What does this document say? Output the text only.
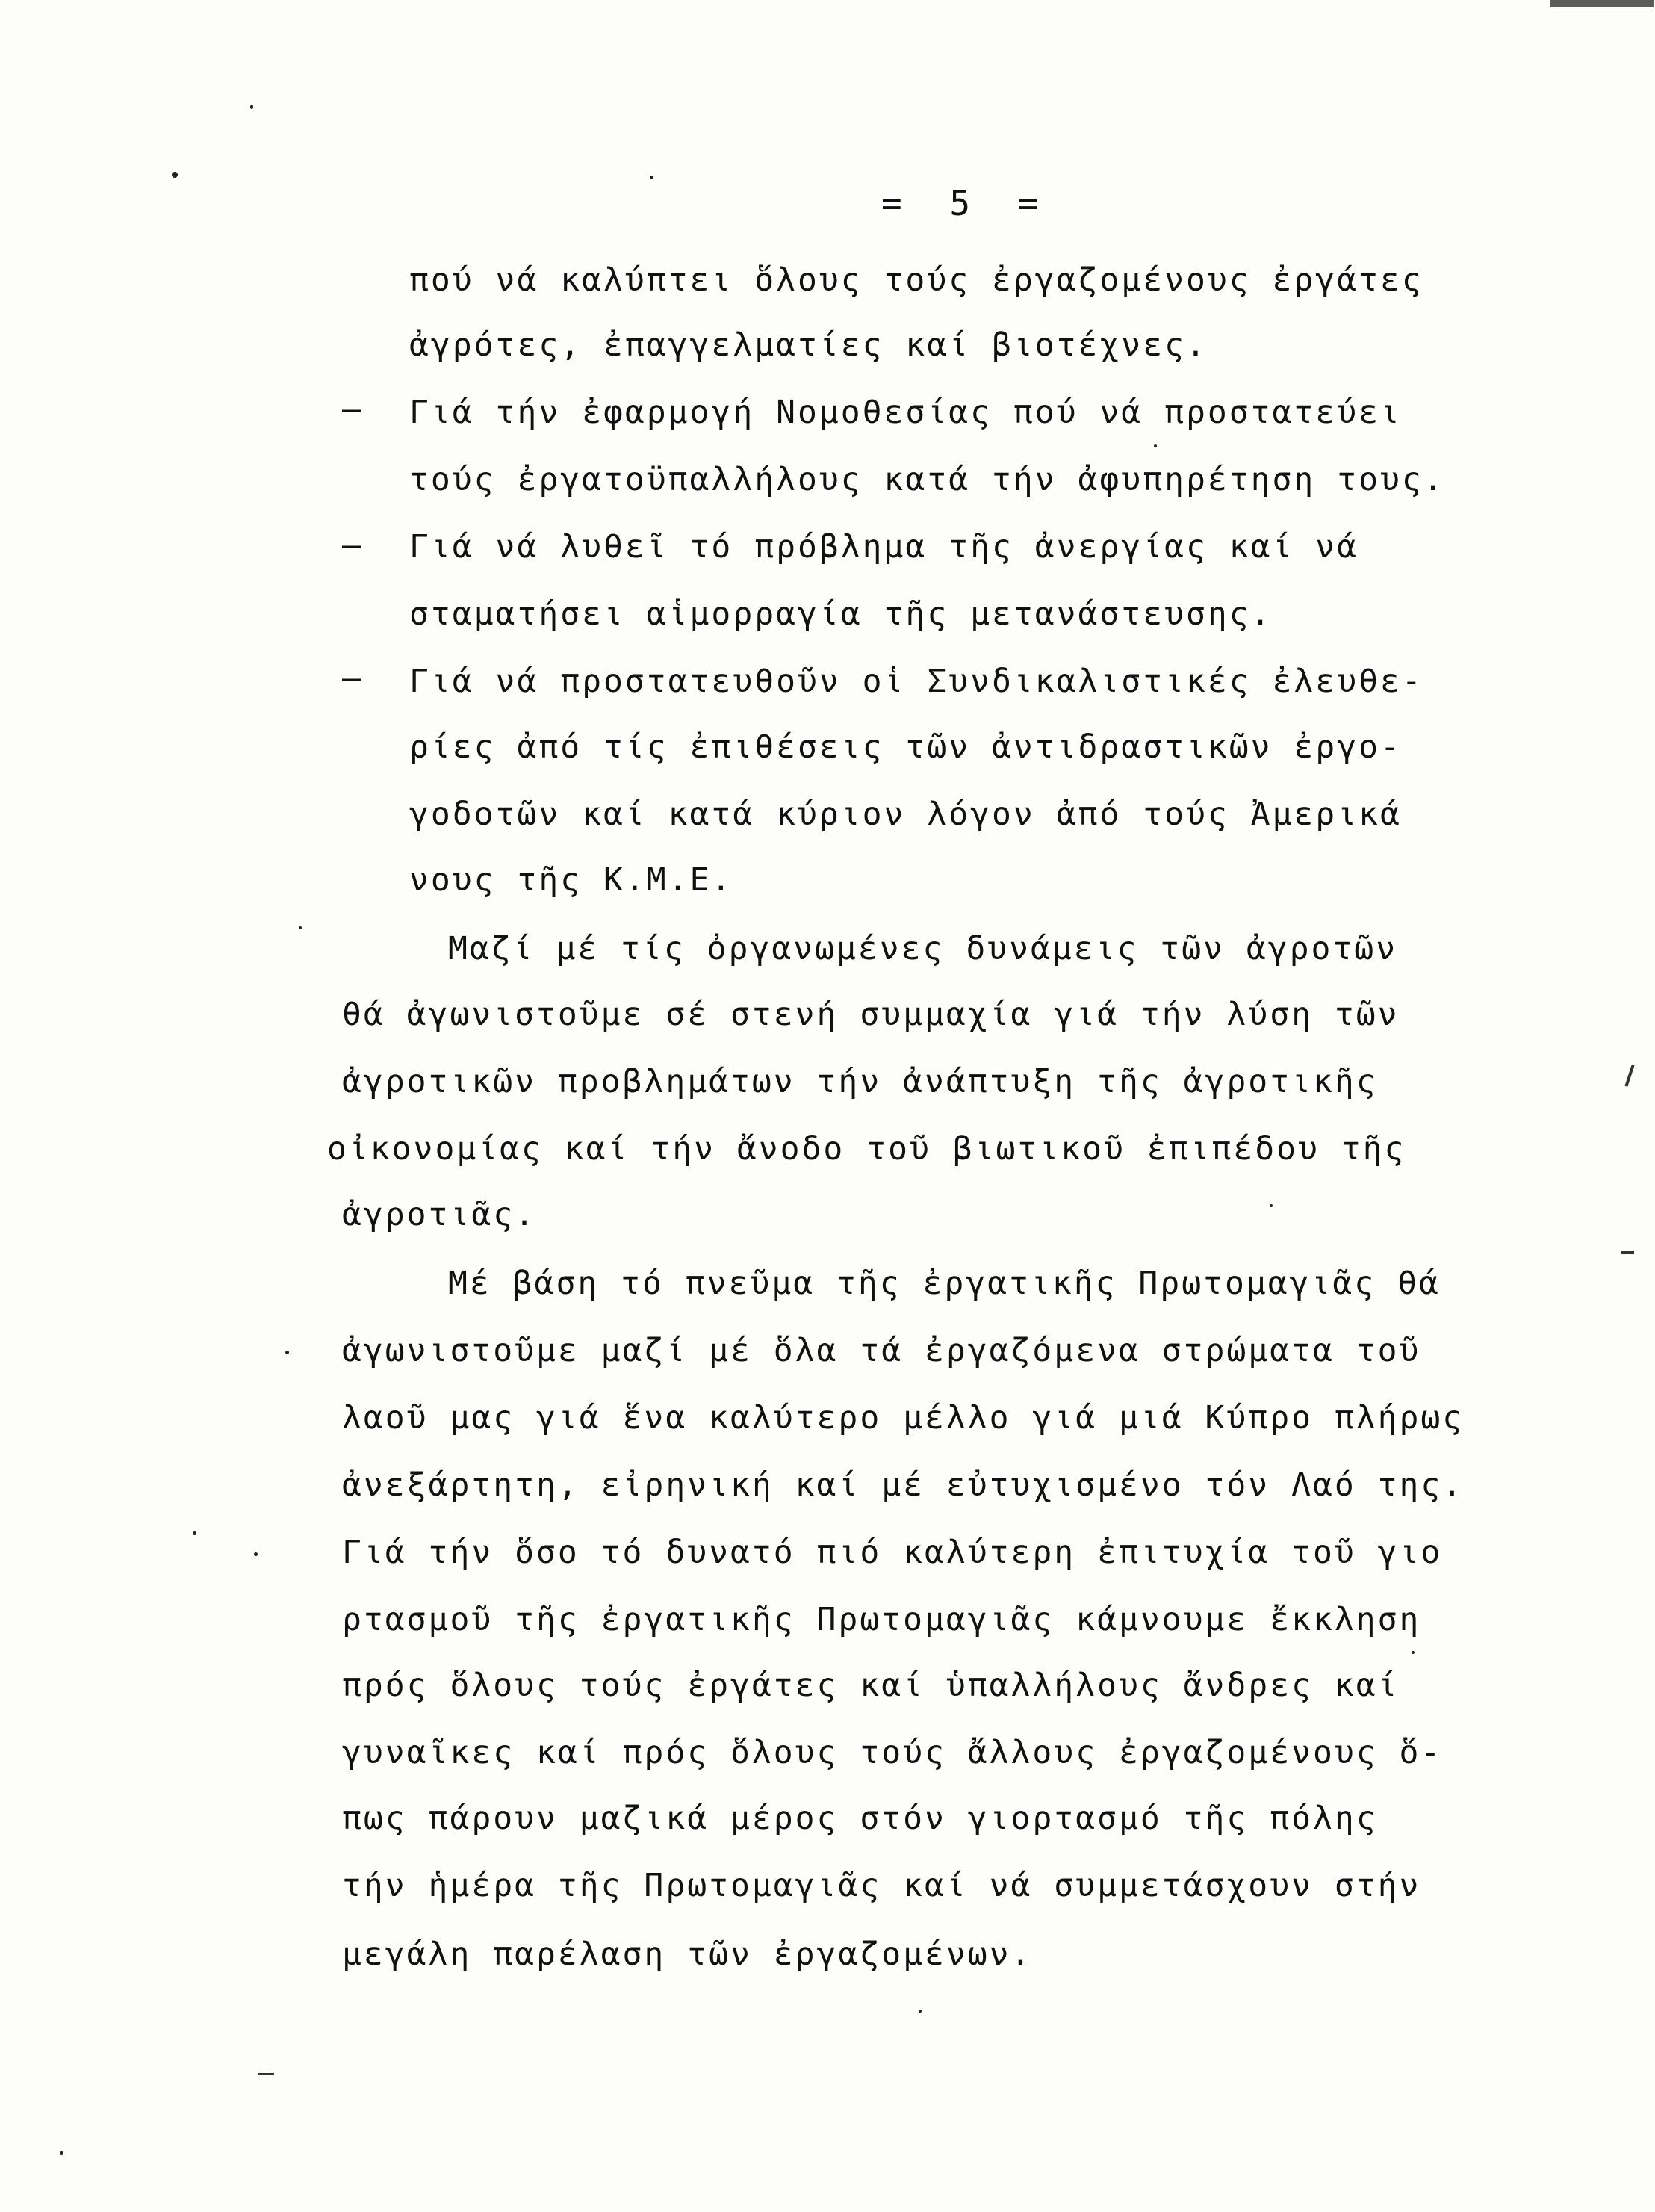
= 5 =
–
–
–
πού νά καλύπτει ὅλους τούς ἐργαζομένους ἐργάτες
ἀγρότες, ἐπαγγελματίες καί βιοτέχνες.
Γιά τήν ἐφαρμογή Νομοθεσίας πού νά προστατεύει
τούς ἐργατοϋπαλλήλους κατά τήν ἀφυπηρέτηση τους.
Γιά νά λυθεῖ τό πρόβλημα τῆς ἀνεργίας καί νά
σταματήσει αἱμορραγία τῆς μετανάστευσης.
Γιά νά προστατευθοῦν οἱ Συνδικαλιστικές ἐλευθε-
ρίες ἀπό τίς ἐπιθέσεις τῶν ἀντιδραστικῶν ἐργο-
γοδοτῶν καί κατά κύριον λόγον ἀπό τούς Ἀμερικά
νους τῆς Κ.Μ.Ε.
Μαζί μέ τίς ὀργανωμένες δυνάμεις τῶν ἀγροτῶν
θά ἀγωνιστοῦμε σέ στενή συμμαχία γιά τήν λύση τῶν
ἀγροτικῶν προβλημάτων τήν ἀνάπτυξη τῆς ἀγροτικῆς
οἰκονομίας καί τήν ἄνοδο τοῦ βιωτικοῦ ἐπιπέδου τῆς
ἀγροτιᾶς.
Μέ βάση τό πνεῦμα τῆς ἐργατικῆς Πρωτομαγιᾶς θά
ἀγωνιστοῦμε μαζί μέ ὅλα τά ἐργαζόμενα στρώματα τοῦ
λαοῦ μας γιά ἕνα καλύτερο μέλλο γιά μιά Κύπρο πλήρως
ἀνεξάρτητη, εἰρηνική καί μέ εὐτυχισμένο τόν Λαό της.
Γιά τήν ὅσο τό δυνατό πιό καλύτερη ἐπιτυχία τοῦ γιο
ρτασμοῦ τῆς ἐργατικῆς Πρωτομαγιᾶς κάμνουμε ἔκκληση
πρός ὅλους τούς ἐργάτες καί ὑπαλλήλους ἄνδρες καί
γυναῖκες καί πρός ὅλους τούς ἄλλους ἐργαζομένους ὅ-
πως πάρουν μαζικά μέρος στόν γιορτασμό τῆς πόλης
τήν ἡμέρα τῆς Πρωτομαγιᾶς καί νά συμμετάσχουν στήν
μεγάλη παρέλαση τῶν ἐργαζομένων.
